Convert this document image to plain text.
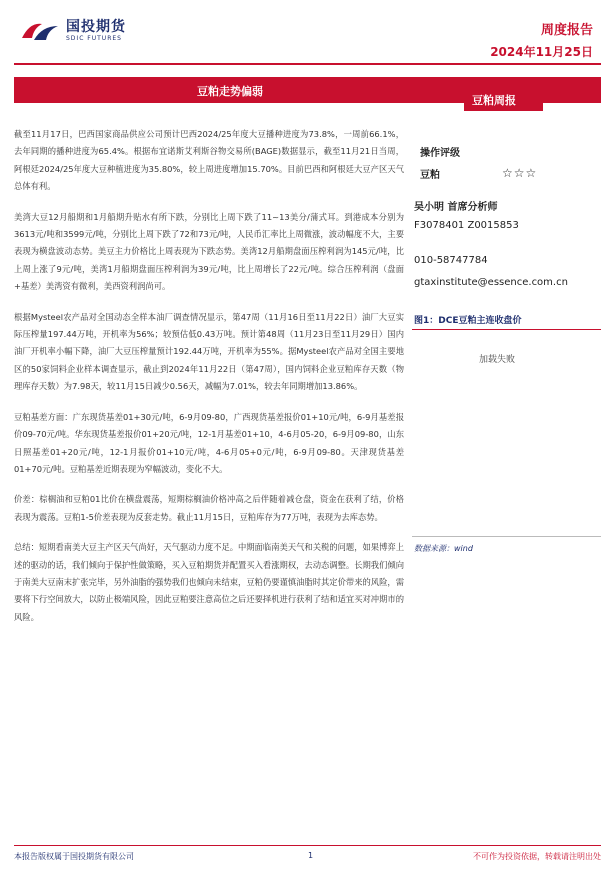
国投期货
SDIC FUTURES
周度报告
2024年11月25日
豆粕走势偏弱
豆粕周报

截至11月17日，巴西国家商品供应公司预计巴西2024/25年度大豆播种进度为73.8%，一周前66.1%，去年同期的播种进度为65.4%。根据布宜诺斯艾利斯谷物交易所(BAGE)数据显示，截至11月21日当周，阿根廷2024/25年度大豆种植进度为35.80%，较上周进度增加15.70%。目前巴西和阿根廷大豆产区天气总体有利。

美湾大豆12月船期和1月船期升贴水有所下跌，分别比上周下跌了11~13美分/蒲式耳。到港成本分别为3613元/吨和3599元/吨，分别比上周下跌了72和73元/吨，人民币汇率比上周微涨，波动幅度不大，主要表现为横盘波动态势。美豆主力价格比上周表现为下跌态势。美湾12月船期盘面压榨利润为145元/吨，比上周上涨了9元/吨，美湾1月船期盘面压榨利润为39元/吨，比上周增长了22元/吨。综合压榨利润（盘面+基差）美湾资有微利，美西资利润尚可。

根据Mysteel农产品对全国动态全样本油厂调查情况显示，第47周（11月16日至11月22日）油厂大豆实际压榨量197.44万吨，开机率为56%；较预估低0.43万吨。预计第48周（11月23日至11月29日）国内油厂开机率小幅下降，油厂大豆压榨量预计192.44万吨，开机率为55%。据Mysteel农产品对全国主要地区的50家饲料企业样本调查显示，截止到2024年11月22日（第47周），国内饲料企业豆粕库存天数（物理库存天数）为7.98天，较11月15日减少0.56天，减幅为7.01%，较去年同期增加13.86%。

豆粕基差方面：广东现货基差01+30元/吨，6-9月09-80，广西现货基差报价01+10元/吨，6-9月基差报价09-70元/吨。华东现货基差报价01+20元/吨，12-1月基差01+10，4-6月05-20，6-9月09-80，山东日照基差01+20元/吨，12-1月报价01+10元/吨，4-6月05+0元/吨，6-9月09-80。天津现货基差01+70元/吨。豆粕基差近期表现为窄幅波动，变化不大。

价差：棕榈油和豆粕01比价在横盘震荡，短期棕榈油价格冲高之后伴随着减仓盘，资金在获利了结，价格表现为震荡。豆粕1-5价差表现为反套走势。截止11月15日，豆粕库存为77万吨，表现为去库态势。

总结：短期看南美大豆主产区天气尚好，天气驱动力度不足。中期面临南美天气和关税的问题，如果博弈上述的驱动的话，我们倾向于保护性做策略，买入豆粕期货并配置买入看涨期权，去动态调整。长期我们倾向于南美大豆南末扩张完毕，另外油脂的强势我们也倾向未结束，豆粕仍要谨慎油脂时其定价带来的风险，需要将下行空间放大，以防止极端风险，因此豆粕要注意高位之后还要择机进行获利了结和适宜买对冲期市的风险。

操作评级
豆粕	☆☆☆
吴小明 首席分析师
F3078401 Z0015853
010-58747784
gtaxinstitute@essence.com.cn
图1：DCE豆粕主连收盘价
加载失败
数据来源：wind
本报告版权属于国投期货有限公司	1	不可作为投资依据，转载请注明出处
